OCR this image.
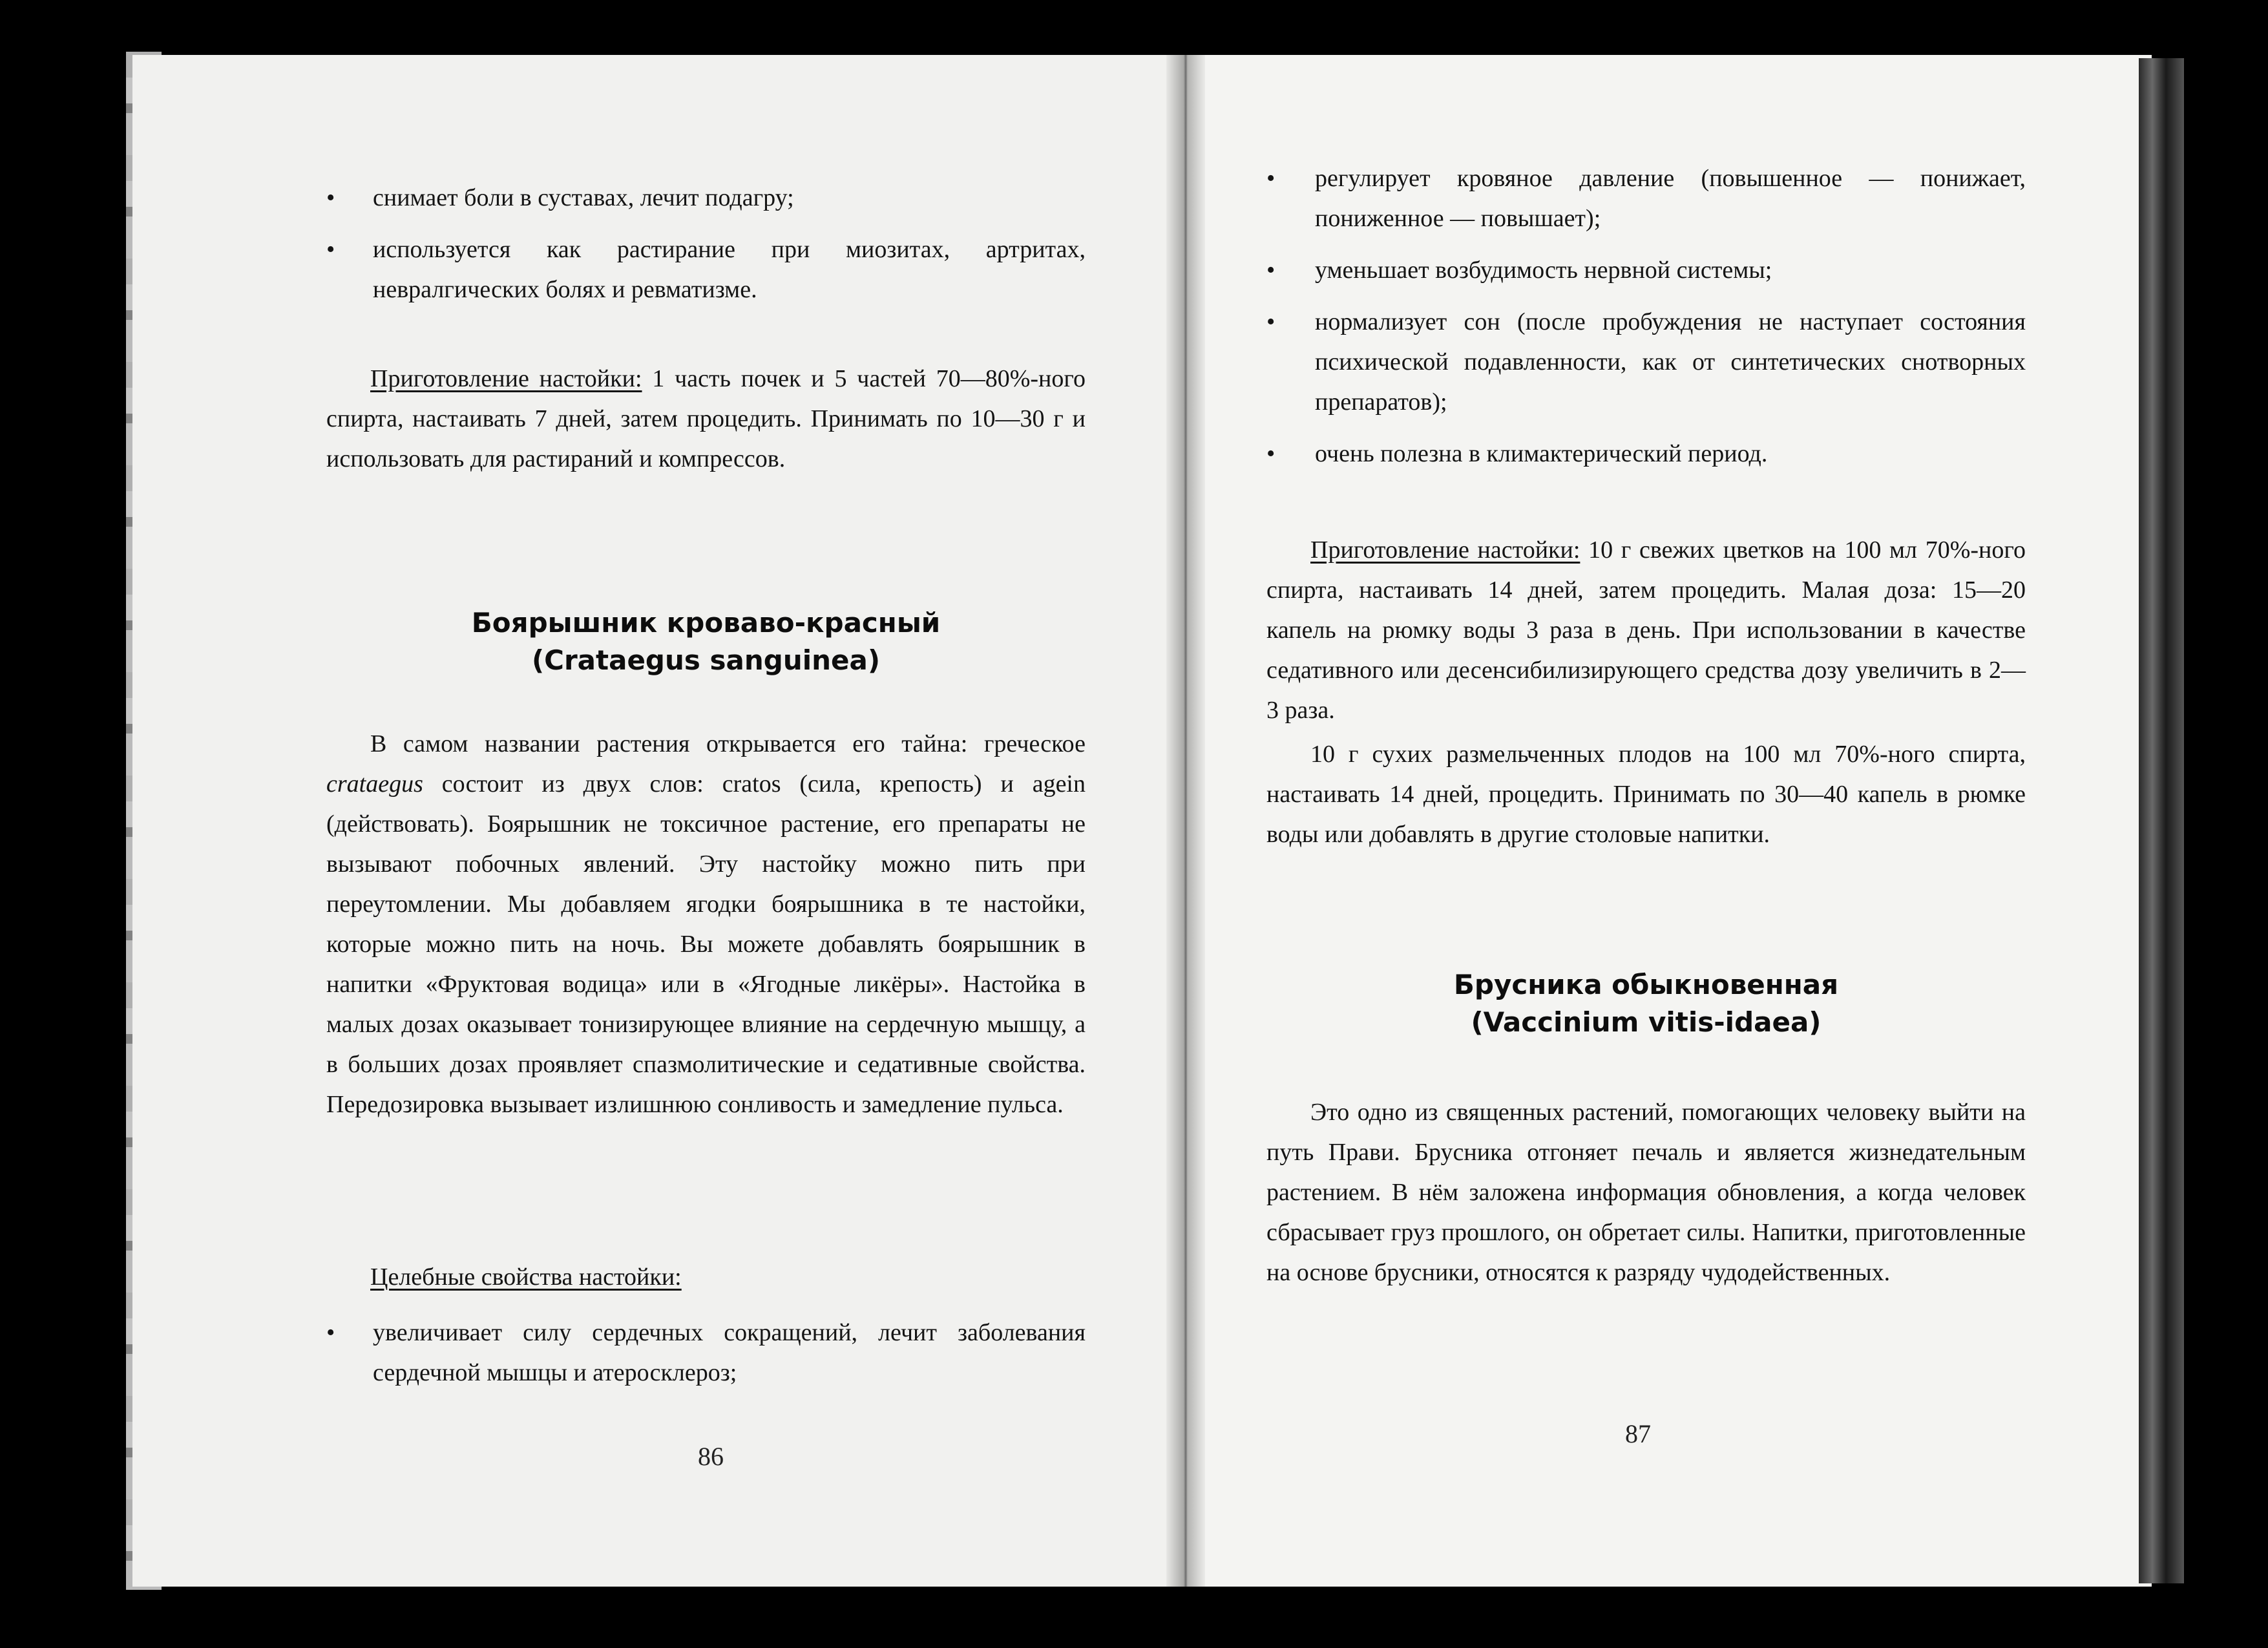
• снимает боли в суставах, лечит подагру;
• используется как растирание при миозитах, артритах, невралгических болях и ревматизме.

Приготовление настойки: 1 часть почек и 5 частей 70—80%-ного спирта, настаивать 7 дней, затем процедить. Принимать по 10—30 г и использовать для растираний и компрессов.

Боярышник кроваво-красный
(Crataegus sanguinea)

В самом названии растения открывается его тайна: греческое crataegus состоит из двух слов: cratos (сила, крепость) и agein (действовать). Боярышник не токсичное растение, его препараты не вызывают побочных явлений. Эту настойку можно пить при переутомлении. Мы добавляем ягодки боярышника в те настойки, которые можно пить на ночь. Вы можете добавлять боярышник в напитки «Фруктовая водица» или в «Ягодные ликёры». Настойка в малых дозах оказывает тонизирующее влияние на сердечную мышцу, а в больших дозах проявляет спазмолитические и седативные свойства. Передозировка вызывает излишнюю сонливость и замедление пульса.

Целебные свойства настойки:

• увеличивает силу сердечных сокращений, лечит заболевания сердечной мышцы и атеросклероз;
86
• регулирует кровяное давление (повышенное — понижает, пониженное — повышает);
• уменьшает возбудимость нервной системы;
• нормализует сон (после пробуждения не наступает состояния психической подавленности, как от синтетических снотворных препаратов);
• очень полезна в климактерический период.

Приготовление настойки: 10 г свежих цветков на 100 мл 70%-ного спирта, настаивать 14 дней, затем процедить. Малая доза: 15—20 капель на рюмку воды 3 раза в день. При использовании в качестве седативного или десенсибилизирующего средства дозу увеличить в 2—3 раза.

10 г сухих размельченных плодов на 100 мл 70%-ного спирта, настаивать 14 дней, процедить. Принимать по 30—40 капель в рюмке воды или добавлять в другие столовые напитки.

Брусника обыкновенная
(Vaccinium vitis-idaea)

Это одно из священных растений, помогающих человеку выйти на путь Прави. Брусника отгоняет печаль и является жизнедательным растением. В нём заложена информация обновления, а когда человек сбрасывает груз прошлого, он обретает силы. Напитки, приготовленные на основе брусники, относятся к разряду чудодейственных.

87
